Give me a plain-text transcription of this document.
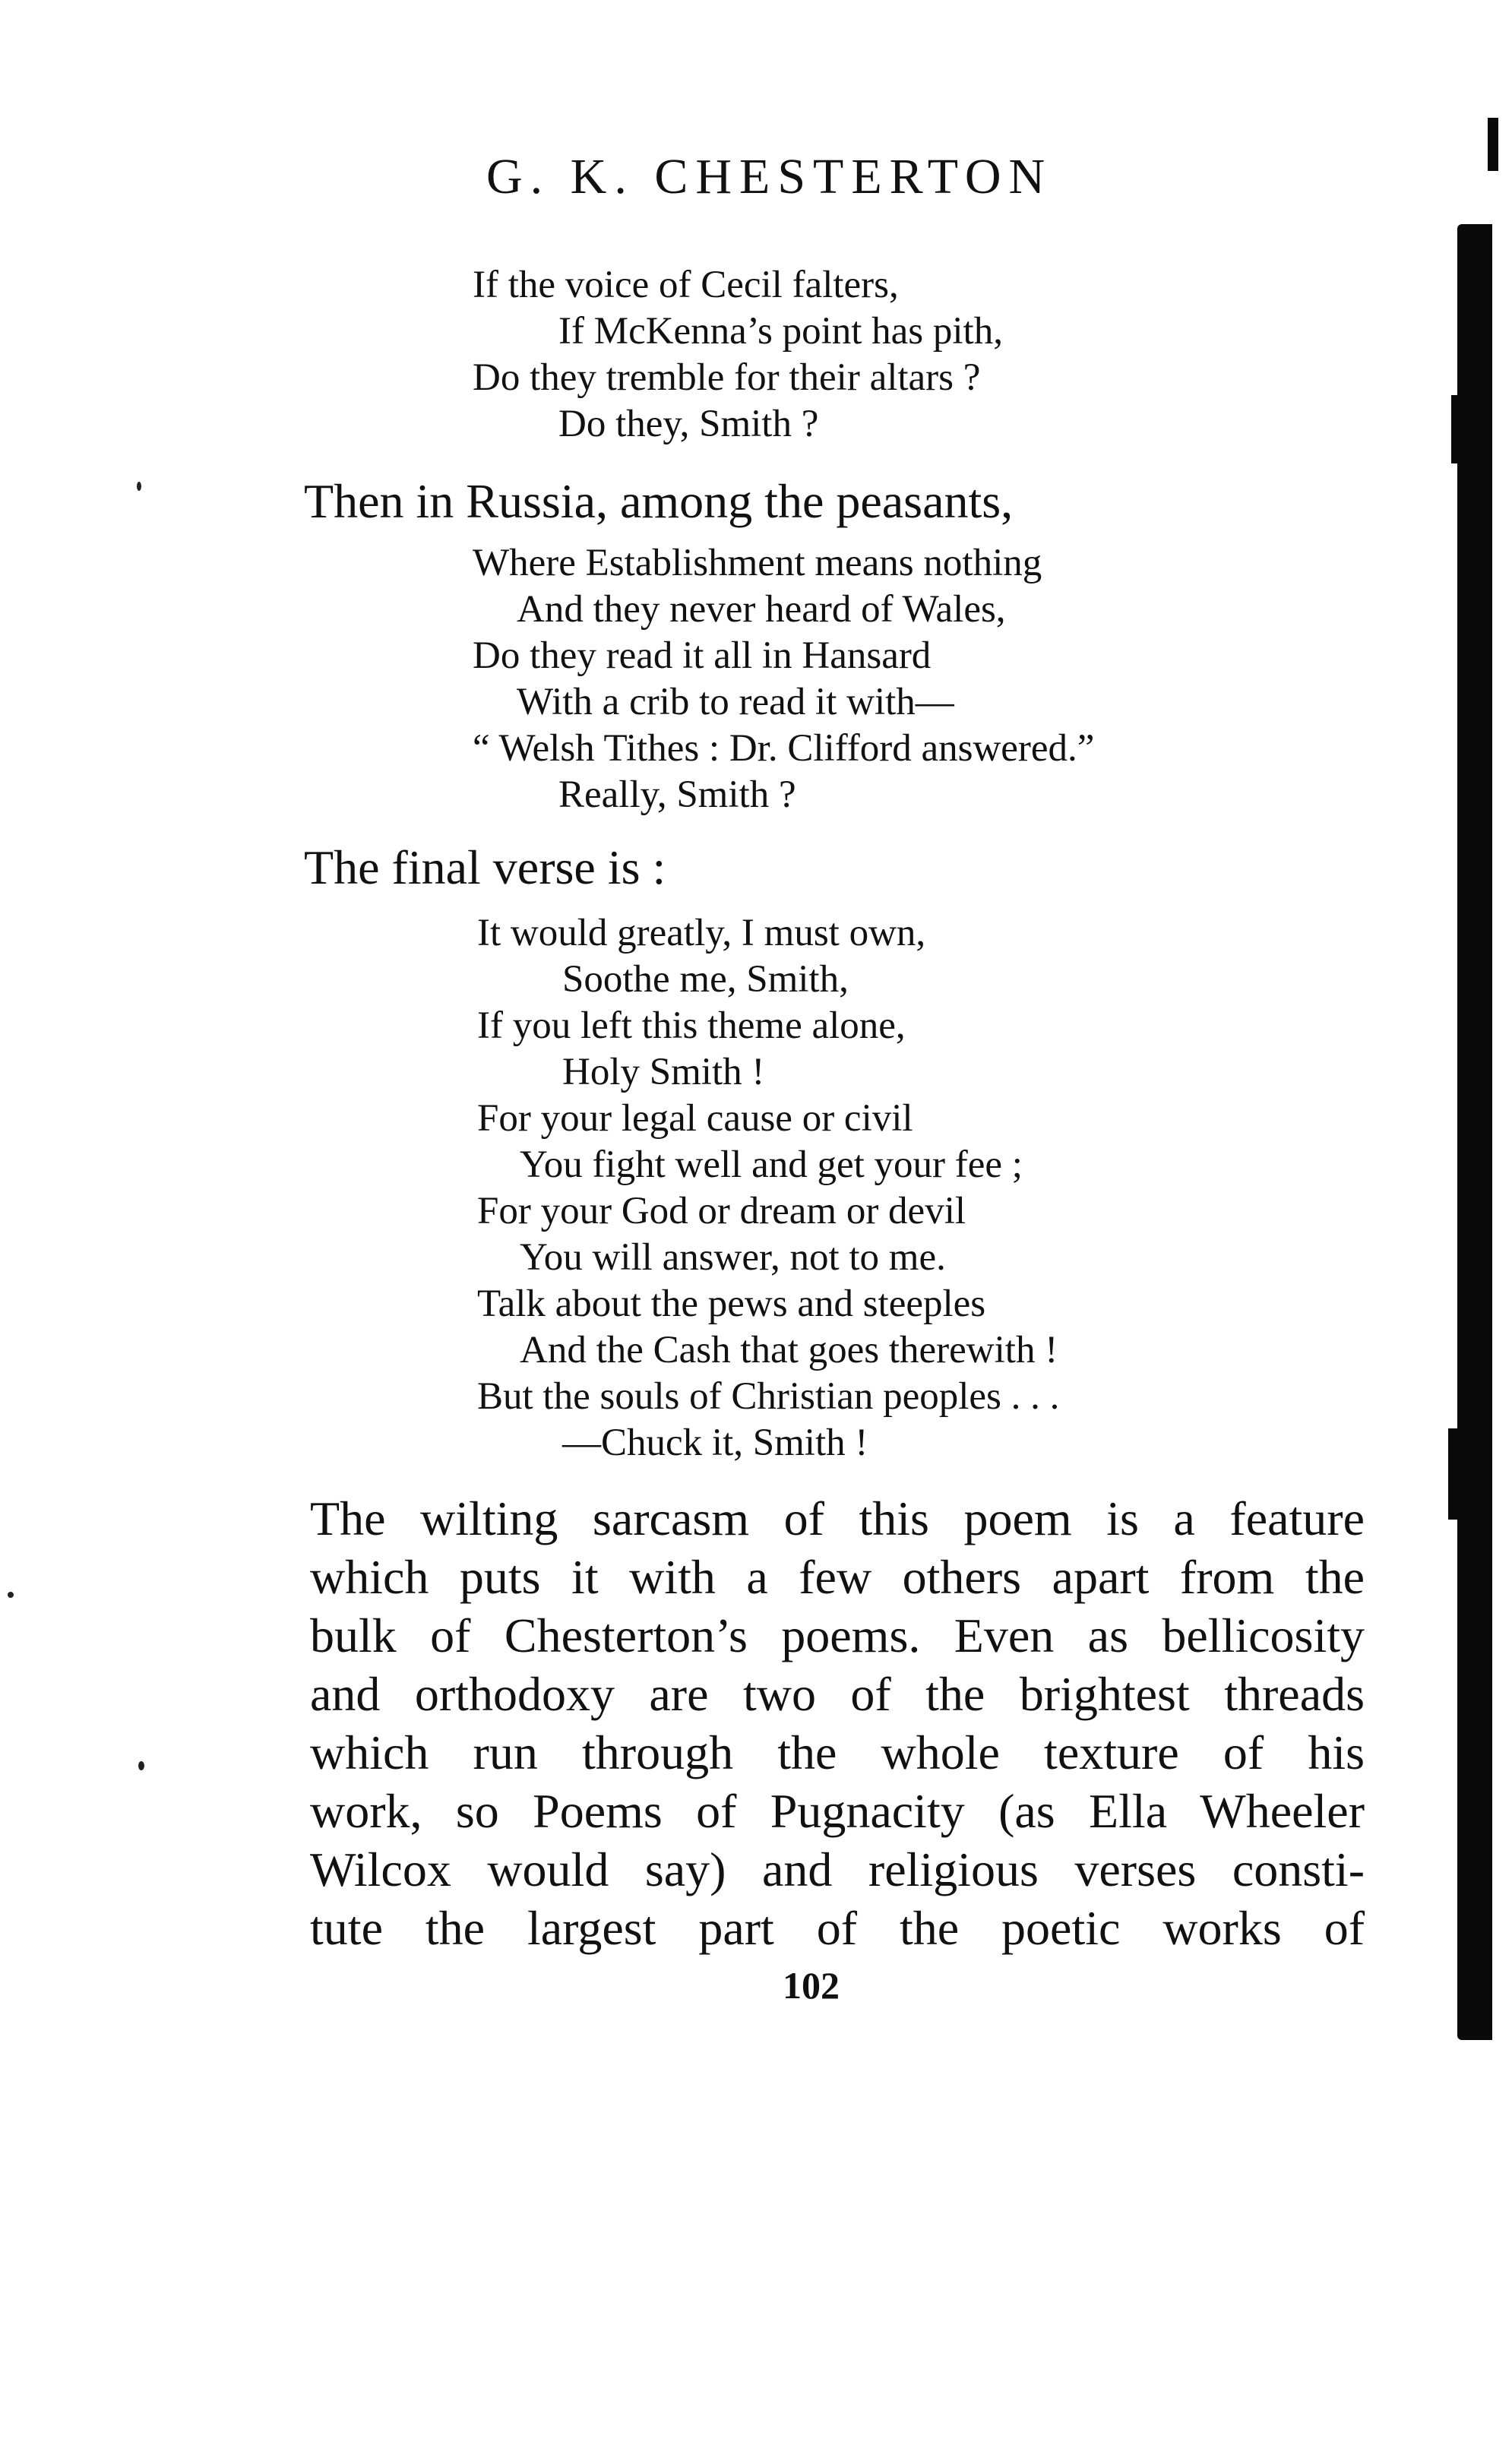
G. K. CHESTERTON

If the voice of Cecil falters,

If McKenna’s point has pith,

Do they tremble for their altars ?

Do they, Smith ?

Then in Russia, among the peasants,

Where Establishment means nothing

And they never heard of Wales,

Do they read it all in Hansard

With a crib to read it with—

“ Welsh Tithes : Dr. Clifford answered.”

Really, Smith ?

The final verse is :

It would greatly, I must own,

Soothe me, Smith,

If you left this theme alone,

Holy Smith !

For your legal cause or civil

You fight well and get your fee ;

For your God or dream or devil

You will answer, not to me.

Talk about the pews and steeples

And the Cash that goes therewith !

But the souls of Christian peoples . . .

—Chuck it, Smith !

The wilting sarcasm of this poem is a feature
which puts it with a few others apart from the
bulk of Chesterton’s poems. Even as bellicosity
and orthodoxy are two of the brightest threads
which run through the whole texture of his
work, so Poems of Pugnacity (as Ella Wheeler
Wilcox would say) and religious verses consti-
tute the largest part of the poetic works of

102
